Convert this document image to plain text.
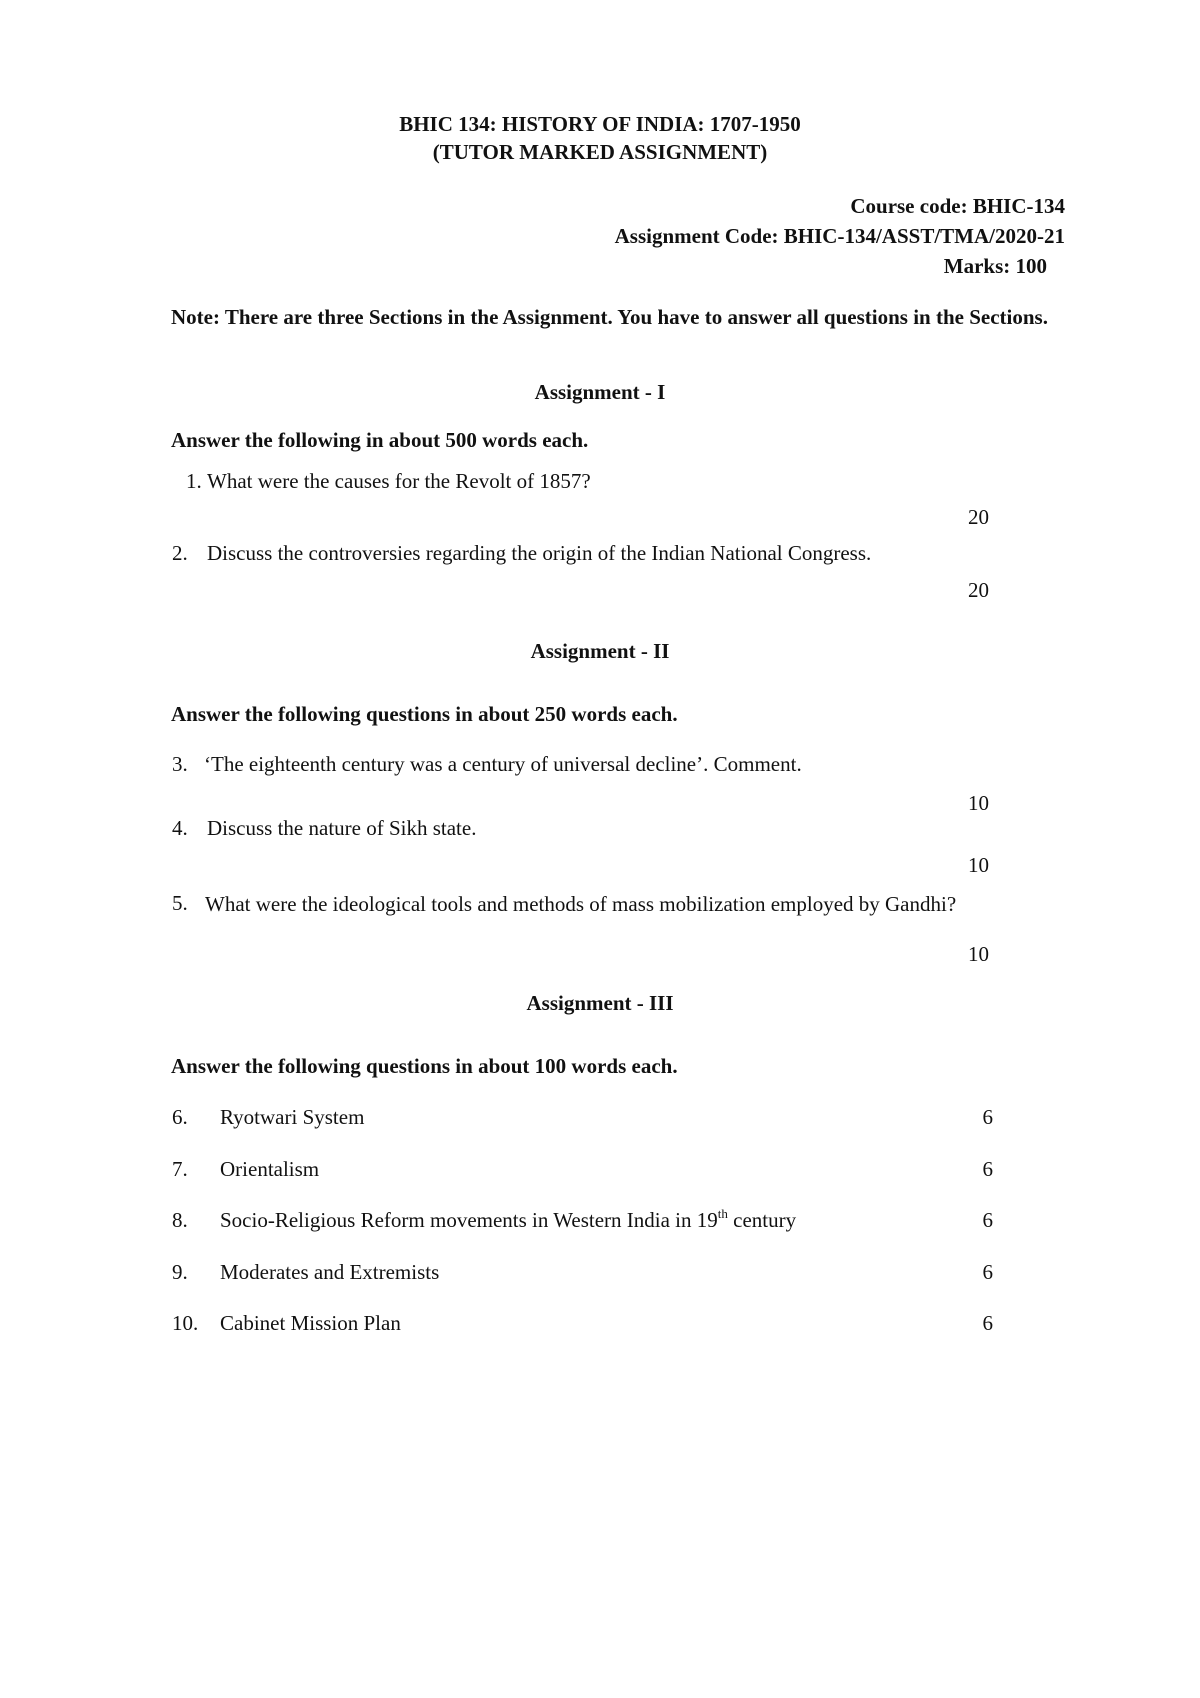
BHIC 134: HISTORY OF INDIA: 1707-1950
(TUTOR MARKED ASSIGNMENT)
Course code: BHIC-134
Assignment Code: BHIC-134/ASST/TMA/2020-21
Marks: 100
Note: There are three Sections in the Assignment. You have to answer all questions in the Sections.
Assignment - I
Answer the following in about 500 words each.
1. What were the causes for the Revolt of 1857?
20
2. Discuss the controversies regarding the origin of the Indian National Congress.
20
Assignment - II
Answer the following questions in about 250 words each.
3. ‘The eighteenth century was a century of universal decline’. Comment.
10
4. Discuss the nature of Sikh state.
10
5. What were the ideological tools and methods of mass mobilization employed by Gandhi?
10
Assignment - III
Answer the following questions in about 100 words each.
6. Ryotwari System	6
7. Orientalism	6
8. Socio-Religious Reform movements in Western India in 19th century	6
9. Moderates and Extremists	6
10. Cabinet Mission Plan	6
